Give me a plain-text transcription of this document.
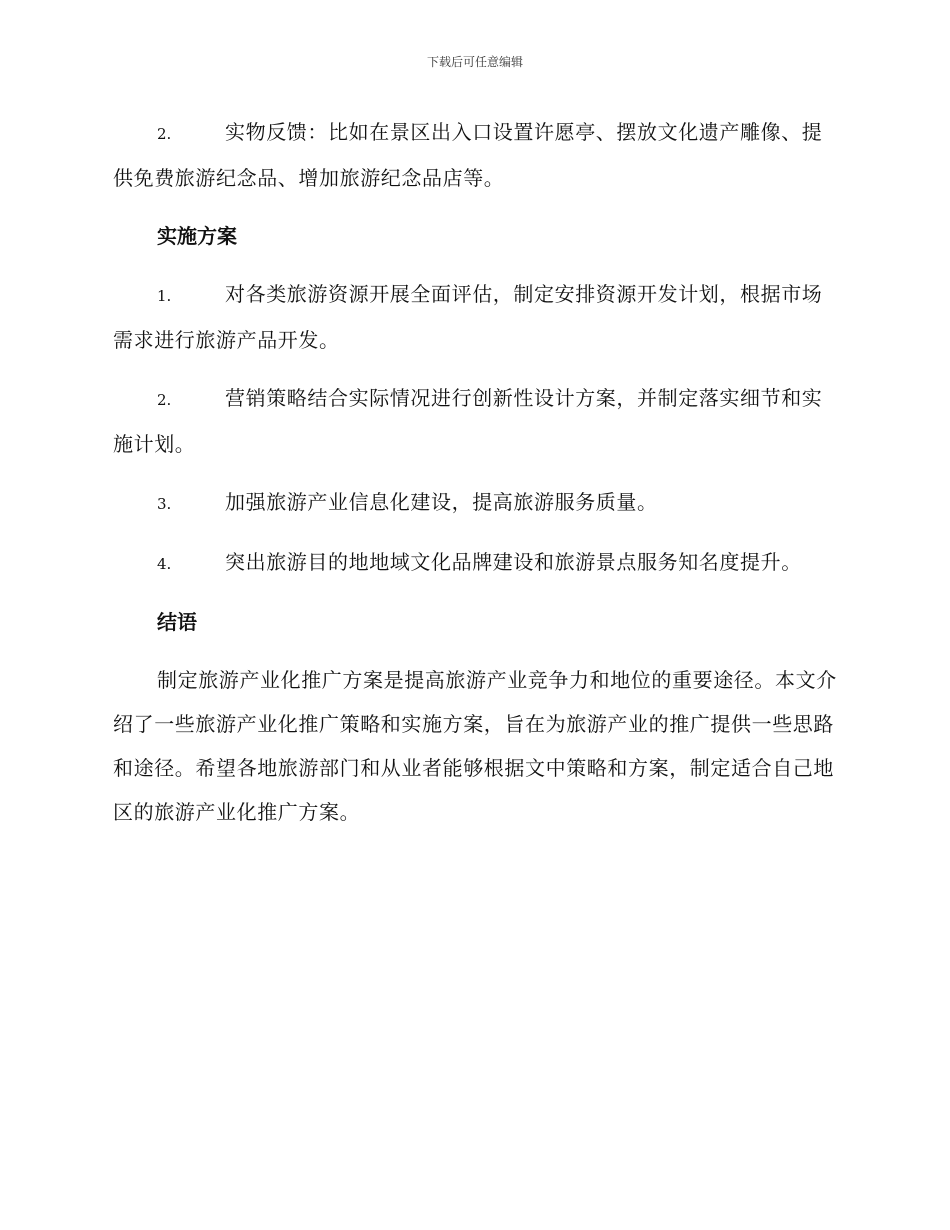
下载后可任意编辑
2.	实物反馈：比如在景区出入口设置许愿亭、摆放文化遗产雕像、提供免费旅游纪念品、增加旅游纪念品店等。
实施方案
1.	对各类旅游资源开展全面评估，制定安排资源开发计划，根据市场需求进行旅游产品开发。
2.	营销策略结合实际情况进行创新性设计方案，并制定落实细节和实施计划。
3.	加强旅游产业信息化建设，提高旅游服务质量。
4.	突出旅游目的地地域文化品牌建设和旅游景点服务知名度提升。
结语
制定旅游产业化推广方案是提高旅游产业竞争力和地位的重要途径。本文介绍了一些旅游产业化推广策略和实施方案，旨在为旅游产业的推广提供一些思路和途径。希望各地旅游部门和从业者能够根据文中策略和方案，制定适合自己地区的旅游产业化推广方案。
